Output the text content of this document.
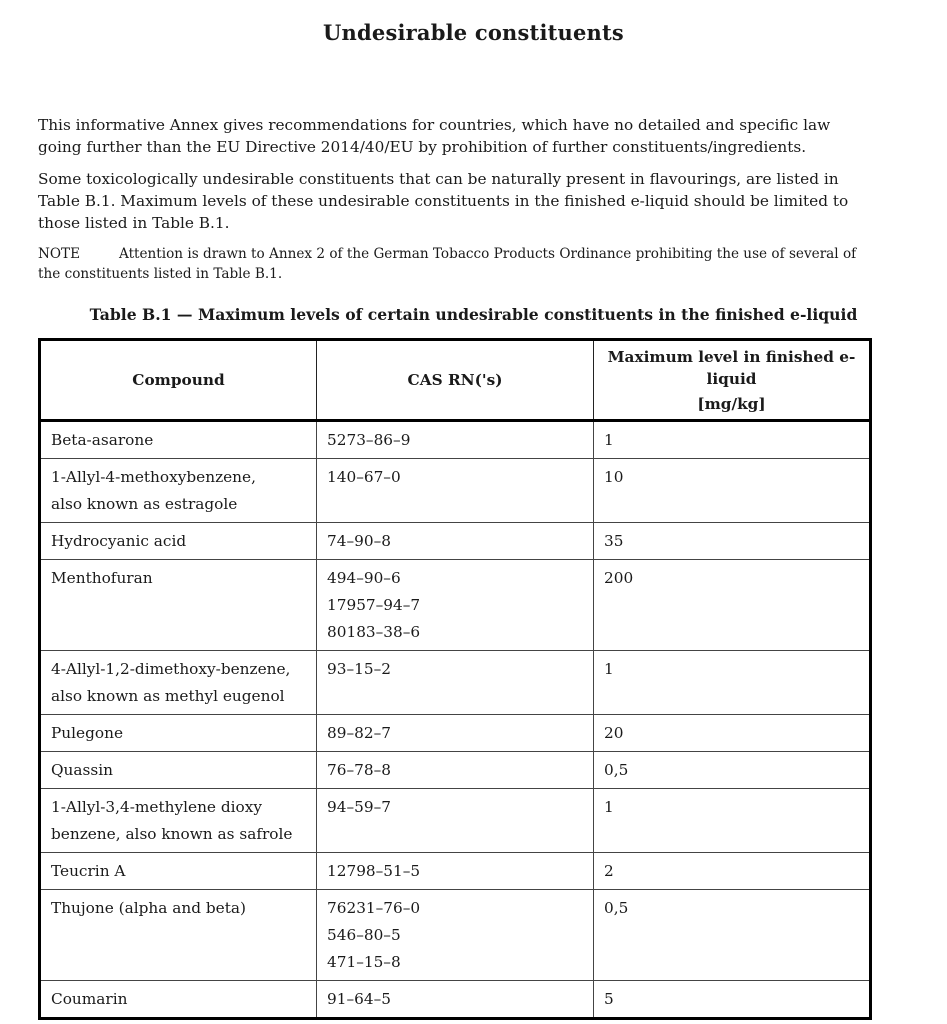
Undesirable constituents
This informative Annex gives recommendations for countries, which have no detailed and specific law going further than the EU Directive 2014/40/EU by prohibition of further constituents/ingredients.
Some toxicologically undesirable constituents that can be naturally present in flavourings, are listed in Table B.1. Maximum levels of these undesirable constituents in the finished e-liquid should be limited to those listed in Table B.1.
NOTE	Attention is drawn to Annex 2 of the German Tobacco Products Ordinance prohibiting the use of several of the constituents listed in Table B.1.
Table B.1 — Maximum levels of certain undesirable constituents in the finished e-liquid
Compound	CAS RN('s)	Maximum level in finished e-liquid
[mg/kg]

Beta-asarone	5273–86–9	1

1-Allyl-4-methoxybenzene,
also known as estragole	140–67–0	10

Hydrocyanic acid	74–90–8	35

Menthofuran	494–90–6
17957–94–7
80183–38–6	200

4-Allyl-1,2-dimethoxy-benzene,
also known as methyl eugenol	93–15–2	1

Pulegone	89–82–7	20

Quassin	76–78–8	0,5

1-Allyl-3,4-methylene dioxy
benzene, also known as safrole	94–59–7	1

Teucrin A	12798–51–5	2

Thujone (alpha and beta)	76231–76–0
546–80–5
471–15–8	0,5

Coumarin	91–64–5	5
